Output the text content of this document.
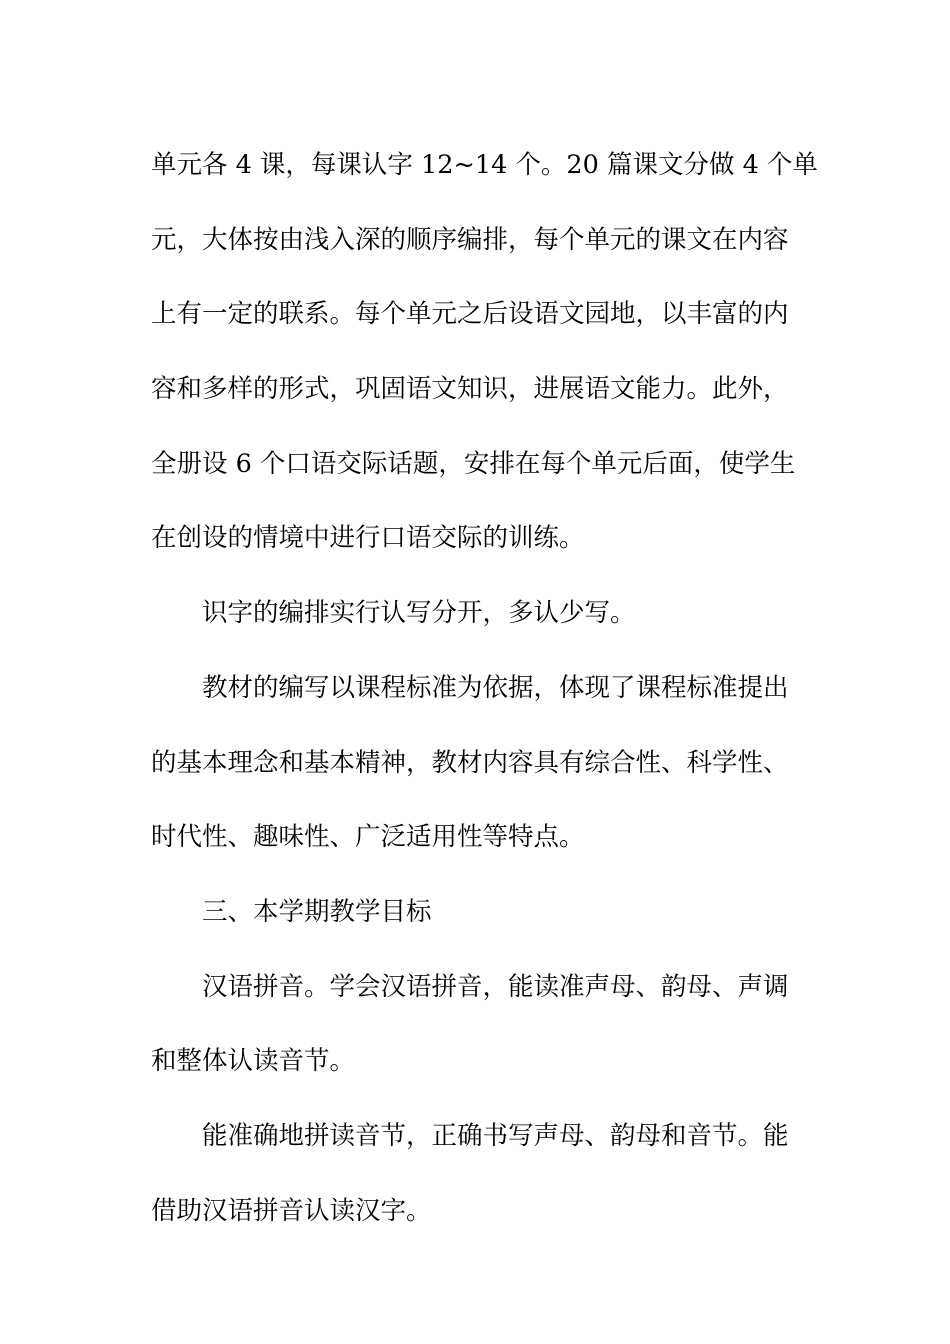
单元各 4 课，每课认字 12~14 个。20 篇课文分做 4 个单
元，大体按由浅入深的顺序编排，每个单元的课文在内容
上有一定的联系。每个单元之后设语文园地，以丰富的内
容和多样的形式，巩固语文知识，进展语文能力。此外，
全册设 6 个口语交际话题，安排在每个单元后面，使学生
在创设的情境中进行口语交际的训练。
识字的编排实行认写分开，多认少写。
教材的编写以课程标准为依据，体现了课程标准提出
的基本理念和基本精神，教材内容具有综合性、科学性、
时代性、趣味性、广泛适用性等特点。
三、本学期教学目标
汉语拼音。学会汉语拼音，能读准声母、韵母、声调
和整体认读音节。
能准确地拼读音节，正确书写声母、韵母和音节。能
借助汉语拼音认读汉字。
